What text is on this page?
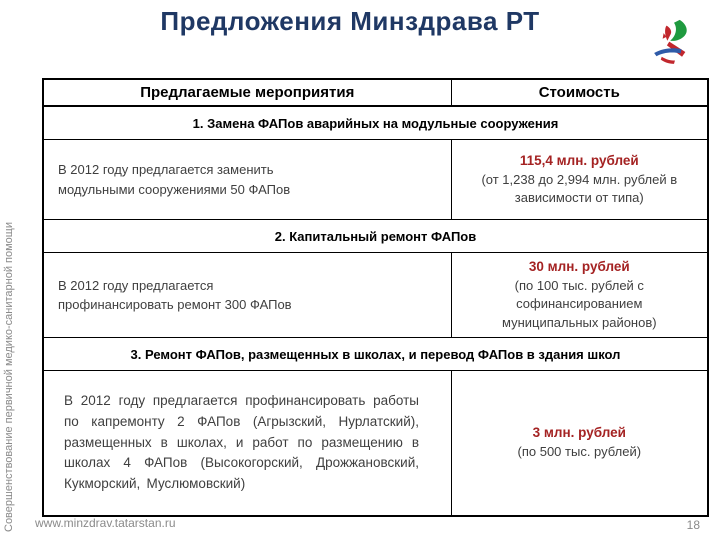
Предложения Минздрава РТ
Совершенствование первичной медико-санитарной помощи
Предлагаемые мероприятия	Стоимость
1. Замена ФАПов аварийных на модульные сооружения
В 2012 году предлагается заменить модульными сооружениями 50 ФАПов
115,4 млн. рублей
(от 1,238 до 2,994 млн. рублей в зависимости от типа)
2. Капитальный ремонт ФАПов
В 2012 году предлагается профинансировать ремонт 300 ФАПов
30 млн. рублей
(по 100 тыс. рублей с софинансированием муниципальных районов)
3. Ремонт ФАПов, размещенных в школах, и перевод ФАПов в здания школ
В 2012 году предлагается профинансировать работы по капремонту 2 ФАПов (Агрызский, Нурлатский), размещенных в школах, и работ по размещению в школах 4 ФАПов (Высокогорский, Дрожжановский, Кукморский, Муслюмовский)
3 млн. рублей
(по 500 тыс. рублей)
www.minzdrav.tatarstan.ru	18
